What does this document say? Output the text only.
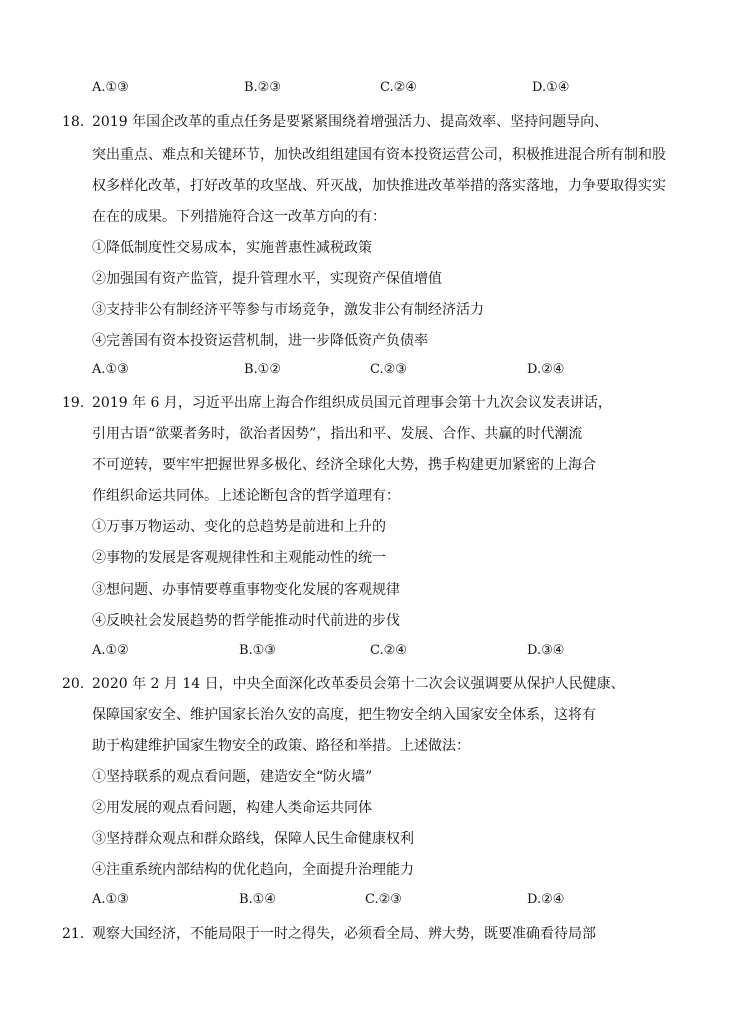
A.①③	B.②③	C.②④	D.①④
18. 2019 年国企改革的重点任务是要紧紧围绕着增强活力、提高效率、坚持问题导向、
突出重点、难点和关键环节，加快改组组建国有资本投资运营公司，积极推进混合所有制和股
权多样化改革，打好改革的攻坚战、歼灭战，加快推进改革举措的落实落地，力争要取得实实
在在的成果。下列措施符合这一改革方向的有：
①降低制度性交易成本，实施普惠性减税政策
②加强国有资产监管，提升管理水平，实现资产保值增值
③支持非公有制经济平等参与市场竞争，激发非公有制经济活力
④完善国有资本投资运营机制，进一步降低资产负债率
A.①③	B.①②	C.②③	D.②④
19. 2019 年 6 月，习近平出席上海合作组织成员国元首理事会第十九次会议发表讲话，
引用古语“欲粟者务时，欲治者因势”，指出和平、发展、合作、共赢的时代潮流
不可逆转，要牢牢把握世界多极化、经济全球化大势，携手构建更加紧密的上海合
作组织命运共同体。上述论断包含的哲学道理有：
①万事万物运动、变化的总趋势是前进和上升的
②事物的发展是客观规律性和主观能动性的统一
③想问题、办事情要尊重事物变化发展的客观规律
④反映社会发展趋势的哲学能推动时代前进的步伐
A.①②	B.①③	C.②④	D.③④
20. 2020 年 2 月 14 日，中央全面深化改革委员会第十二次会议强调要从保护人民健康、
保障国家安全、维护国家长治久安的高度，把生物安全纳入国家安全体系，这将有
助于构建维护国家生物安全的政策、路径和举措。上述做法：
①坚持联系的观点看问题，建造安全“防火墙”
②用发展的观点看问题，构建人类命运共同体
③坚持群众观点和群众路线，保障人民生命健康权利
④注重系统内部结构的优化趋向，全面提升治理能力
A.①③	B.①④	C.②③	D.②④
21. 观察大国经济，不能局限于一时之得失，必须看全局、辨大势，既要准确看待局部
